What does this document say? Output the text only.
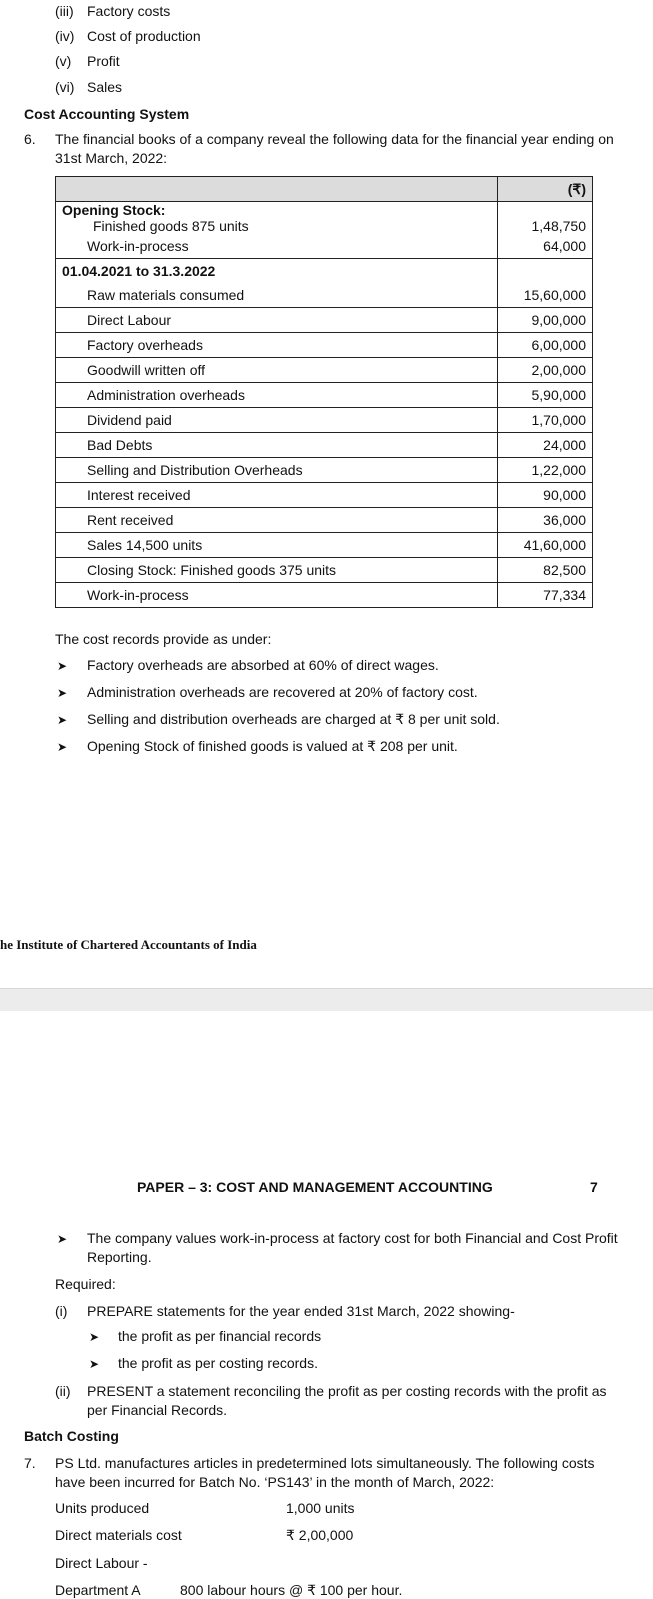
(iii) Factory costs
(iv) Cost of production
(v) Profit
(vi) Sales
Cost Accounting System
6. The financial books of a company reveal the following data for the financial year ending on
31st March, 2022:
	(₹)

Opening Stock:
Finished goods 875 units	1,48,750
Work-in-process	64,000
01.04.2021 to 31.3.2022	
Raw materials consumed	15,60,000
Direct Labour	9,00,000
Factory overheads	6,00,000
Goodwill written off	2,00,000
Administration overheads	5,90,000
Dividend paid	1,70,000
Bad Debts	24,000
Selling and Distribution Overheads	1,22,000
Interest received	90,000
Rent received	36,000
Sales 14,500 units	41,60,000
Closing Stock: Finished goods 375 units	82,500
Work-in-process	77,334
The cost records provide as under:
➤ Factory overheads are absorbed at 60% of direct wages.
➤ Administration overheads are recovered at 20% of factory cost.
➤ Selling and distribution overheads are charged at ₹ 8 per unit sold.
➤ Opening Stock of finished goods is valued at ₹ 208 per unit.
he Institute of Chartered Accountants of India
PAPER – 3: COST AND MANAGEMENT ACCOUNTING	7
➤ The company values work-in-process at factory cost for both Financial and Cost Profit
Reporting.
Required:
(i) PREPARE statements for the year ended 31st March, 2022 showing-
➤ the profit as per financial records
➤ the profit as per costing records.
(ii) PRESENT a statement reconciling the profit as per costing records with the profit as
per Financial Records.
Batch Costing
7. PS Ltd. manufactures articles in predetermined lots simultaneously. The following costs
have been incurred for Batch No. ‘PS143’ in the month of March, 2022:
Units produced	1,000 units
Direct materials cost	₹ 2,00,000
Direct Labour -
Department A	800 labour hours @ ₹ 100 per hour.
